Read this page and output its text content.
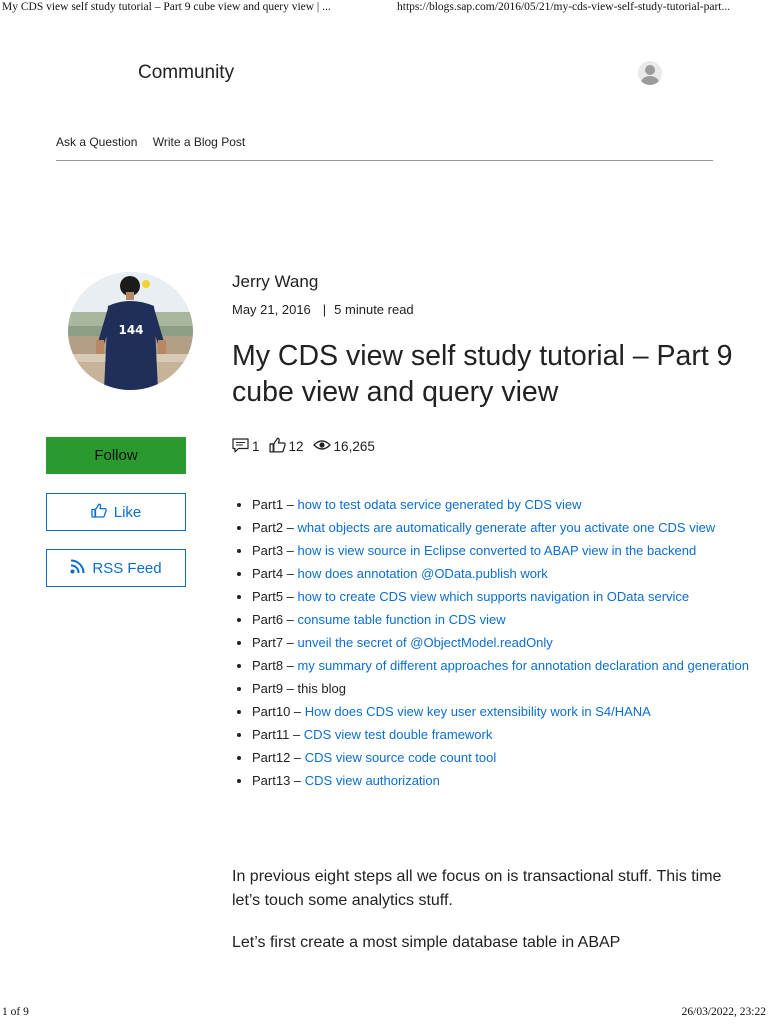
My CDS view self study tutorial – Part 9 cube view and query view | ...	https://blogs.sap.com/2016/05/21/my-cds-view-self-study-tutorial-part...
Community
Ask a Question Write a Blog Post
144
Follow
Like
RSS Feed
Jerry Wang
May 21, 2016 | 5 minute read
My CDS view self study tutorial – Part 9 cube view and query view
1 12 16,265
• Part1 – how to test odata service generated by CDS view
• Part2 – what objects are automatically generate after you activate one CDS view
• Part3 – how is view source in Eclipse converted to ABAP view in the backend
• Part4 – how does annotation @OData.publish work
• Part5 – how to create CDS view which supports navigation in OData service
• Part6 – consume table function in CDS view
• Part7 – unveil the secret of @ObjectModel.readOnly
• Part8 – my summary of different approaches for annotation declaration and generation
• Part9 – this blog
• Part10 – How does CDS view key user extensibility work in S4/HANA
• Part11 – CDS view test double framework
• Part12 – CDS view source code count tool
• Part13 – CDS view authorization

In previous eight steps all we focus on is transactional stuff. This time let’s touch some analytics stuff.

Let’s first create a most simple database table in ABAP

1 of 9	26/03/2022, 23:22
